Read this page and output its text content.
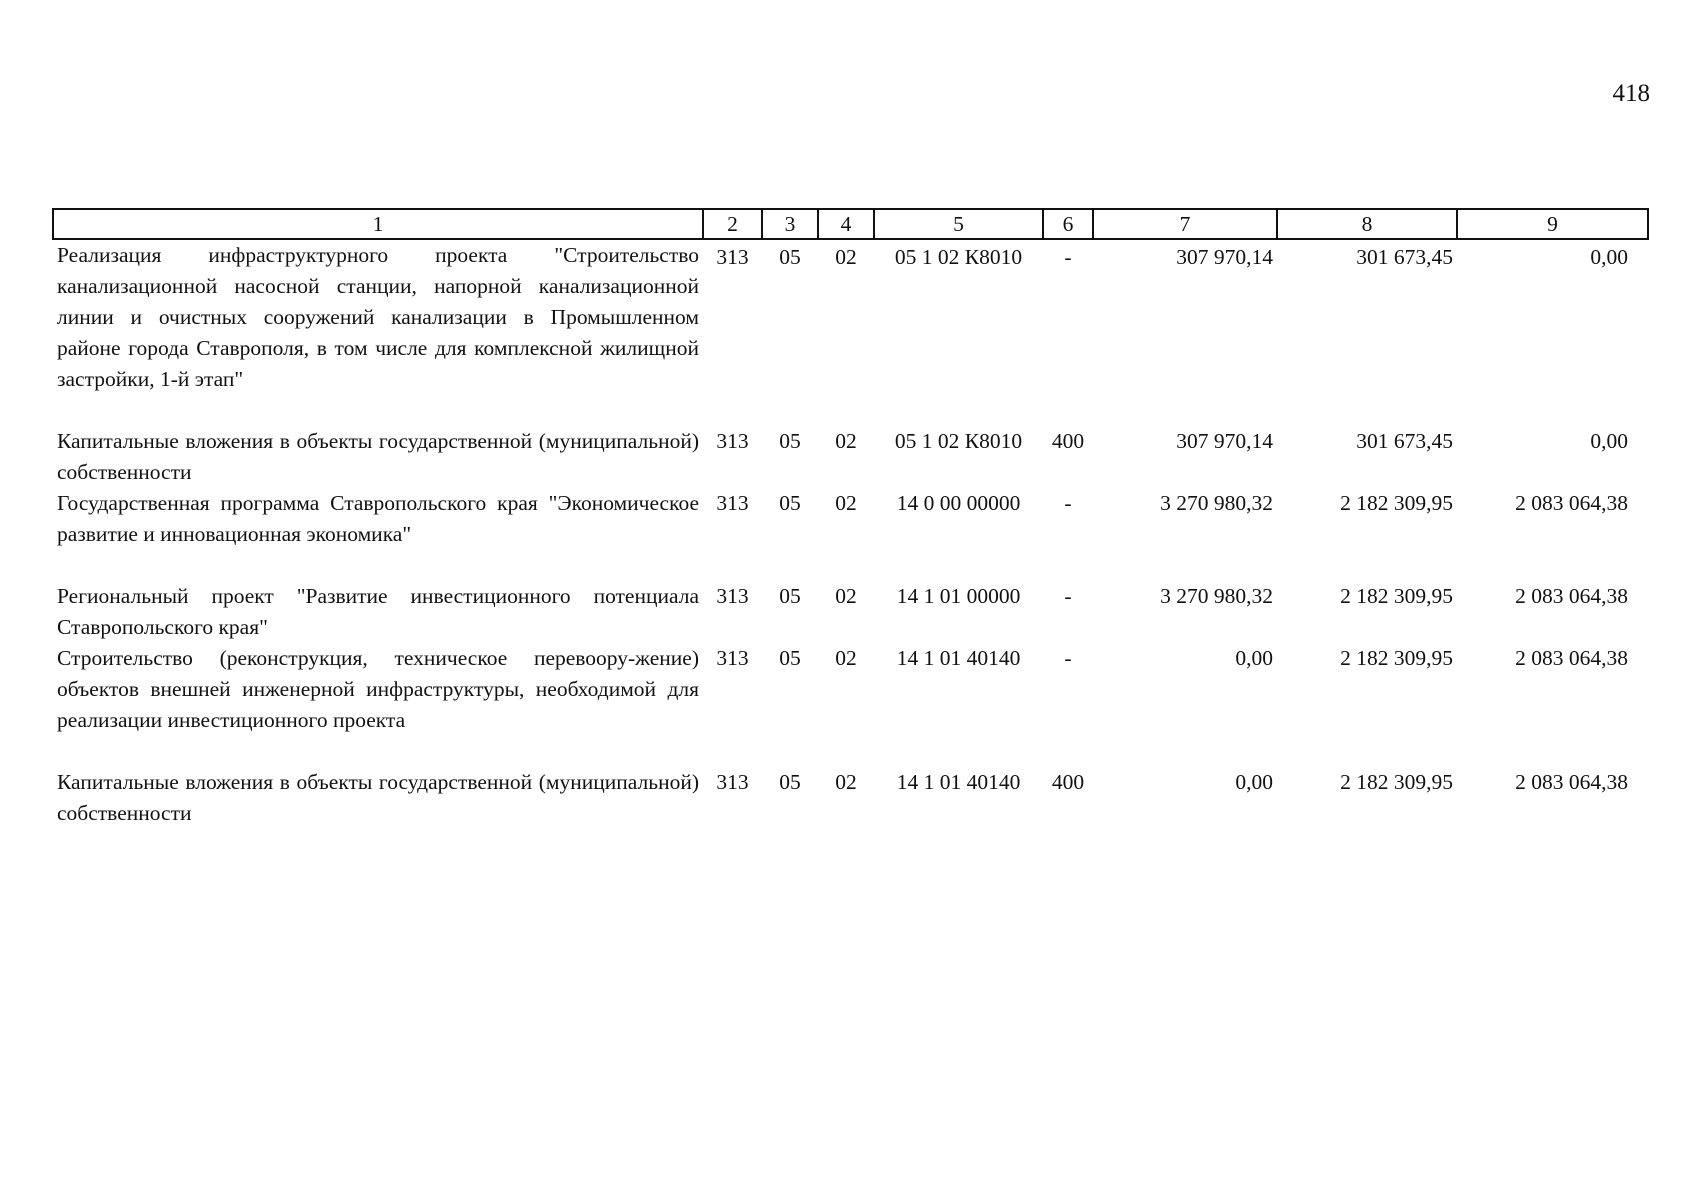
418
1	2	3	4	5	6	7	8	9
Реализация инфраструктурного проекта "Строительство канализационной насосной станции, напорной канализационной линии и очистных сооружений канализации в Промышленном районе города Ставрополя, в том числе для комплексной жилищной застройки, 1-й этап"	313	05	02	05 1 02 К8010	-	307 970,14	301 673,45	0,00

Капитальные вложения в объекты государственной (муниципальной) собственности	313	05	02	05 1 02 К8010	400	307 970,14	301 673,45	0,00
Государственная программа Ставропольского края "Экономическое развитие и инновационная экономика"	313	05	02	14 0 00 00000	-	3 270 980,32	2 182 309,95	2 083 064,38

Региональный проект "Развитие инвестиционного потенциала Ставропольского края"	313	05	02	14 1 01 00000	-	3 270 980,32	2 182 309,95	2 083 064,38
Строительство (реконструкция, техническое перевоору-жение) объектов внешней инженерной инфраструктуры, необходимой для реализации инвестиционного проекта	313	05	02	14 1 01 40140	-	0,00	2 182 309,95	2 083 064,38

Капитальные вложения в объекты государственной (муниципальной) собственности	313	05	02	14 1 01 40140	400	0,00	2 182 309,95	2 083 064,38
